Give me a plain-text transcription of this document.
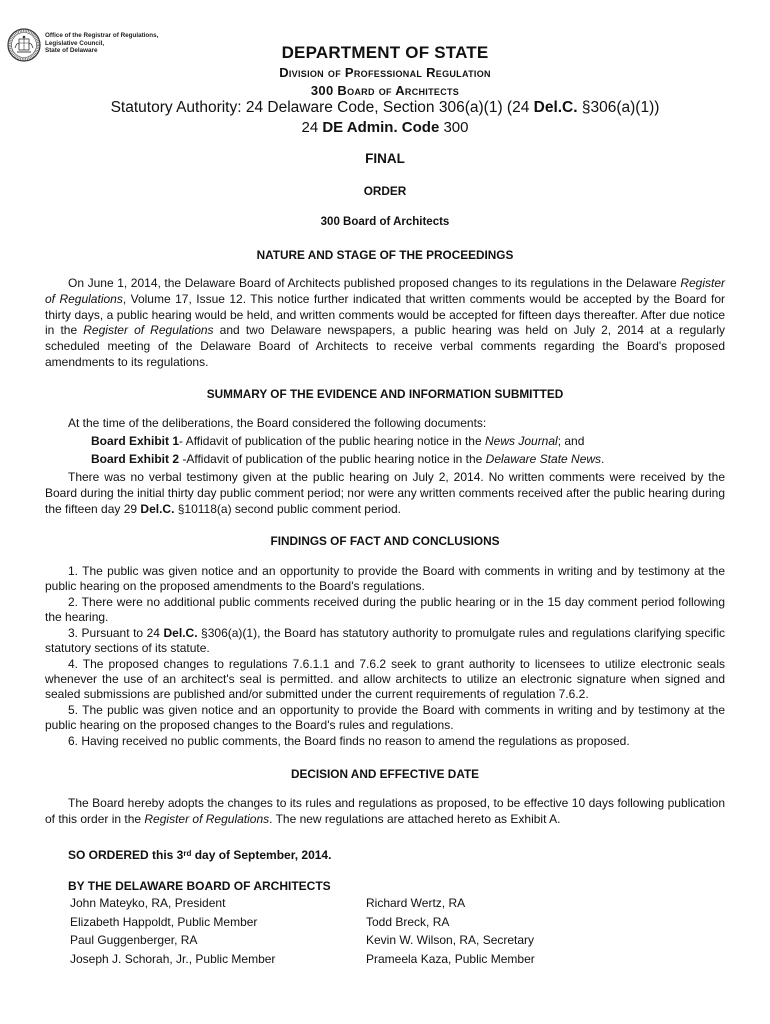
Office of the Registrar of Regulations,
Legislative Council,
State of Delaware	DEPARTMENT OF STATE
Division of Professional Regulation
300 Board of Architects
Statutory Authority: 24 Delaware Code, Section 306(a)(1) (24 Del.C. §306(a)(1))
24 DE Admin. Code 300
FINAL
ORDER
300 Board of Architects
NATURE AND STAGE OF THE PROCEEDINGS
On June 1, 2014, the Delaware Board of Architects published proposed changes to its regulations in the Delaware Register of Regulations, Volume 17, Issue 12. This notice further indicated that written comments would be accepted by the Board for thirty days, a public hearing would be held, and written comments would be accepted for fifteen days thereafter. After due notice in the Register of Regulations and two Delaware newspapers, a public hearing was held on July 2, 2014 at a regularly scheduled meeting of the Delaware Board of Architects to receive verbal comments regarding the Board's proposed amendments to its regulations.
SUMMARY OF THE EVIDENCE AND INFORMATION SUBMITTED
At the time of the deliberations, the Board considered the following documents:
Board Exhibit 1- Affidavit of publication of the public hearing notice in the News Journal; and
Board Exhibit 2 -Affidavit of publication of the public hearing notice in the Delaware State News.
There was no verbal testimony given at the public hearing on July 2, 2014. No written comments were received by the Board during the initial thirty day public comment period; nor were any written comments received after the public hearing during the fifteen day 29 Del.C. §10118(a) second public comment period.
FINDINGS OF FACT AND CONCLUSIONS
1. The public was given notice and an opportunity to provide the Board with comments in writing and by testimony at the public hearing on the proposed amendments to the Board's regulations.
2. There were no additional public comments received during the public hearing or in the 15 day comment period following the hearing.
3. Pursuant to 24 Del.C. §306(a)(1), the Board has statutory authority to promulgate rules and regulations clarifying specific statutory sections of its statute.
4. The proposed changes to regulations 7.6.1.1 and 7.6.2 seek to grant authority to licensees to utilize electronic seals whenever the use of an architect's seal is permitted. and allow architects to utilize an electronic signature when signed and sealed submissions are published and/or submitted under the current requirements of regulation 7.6.2.
5. The public was given notice and an opportunity to provide the Board with comments in writing and by testimony at the public hearing on the proposed changes to the Board's rules and regulations.
6. Having received no public comments, the Board finds no reason to amend the regulations as proposed.
DECISION AND EFFECTIVE DATE
The Board hereby adopts the changes to its rules and regulations as proposed, to be effective 10 days following publication of this order in the Register of Regulations. The new regulations are attached hereto as Exhibit A.
SO ORDERED this 3rd day of September, 2014.
BY THE DELAWARE BOARD OF ARCHITECTS
John Mateyko, RA, President
Elizabeth Happoldt, Public Member
Paul Guggenberger, RA
Joseph J. Schorah, Jr., Public Member
Richard Wertz, RA
Todd Breck, RA
Kevin W. Wilson, RA, Secretary
Prameela Kaza, Public Member
